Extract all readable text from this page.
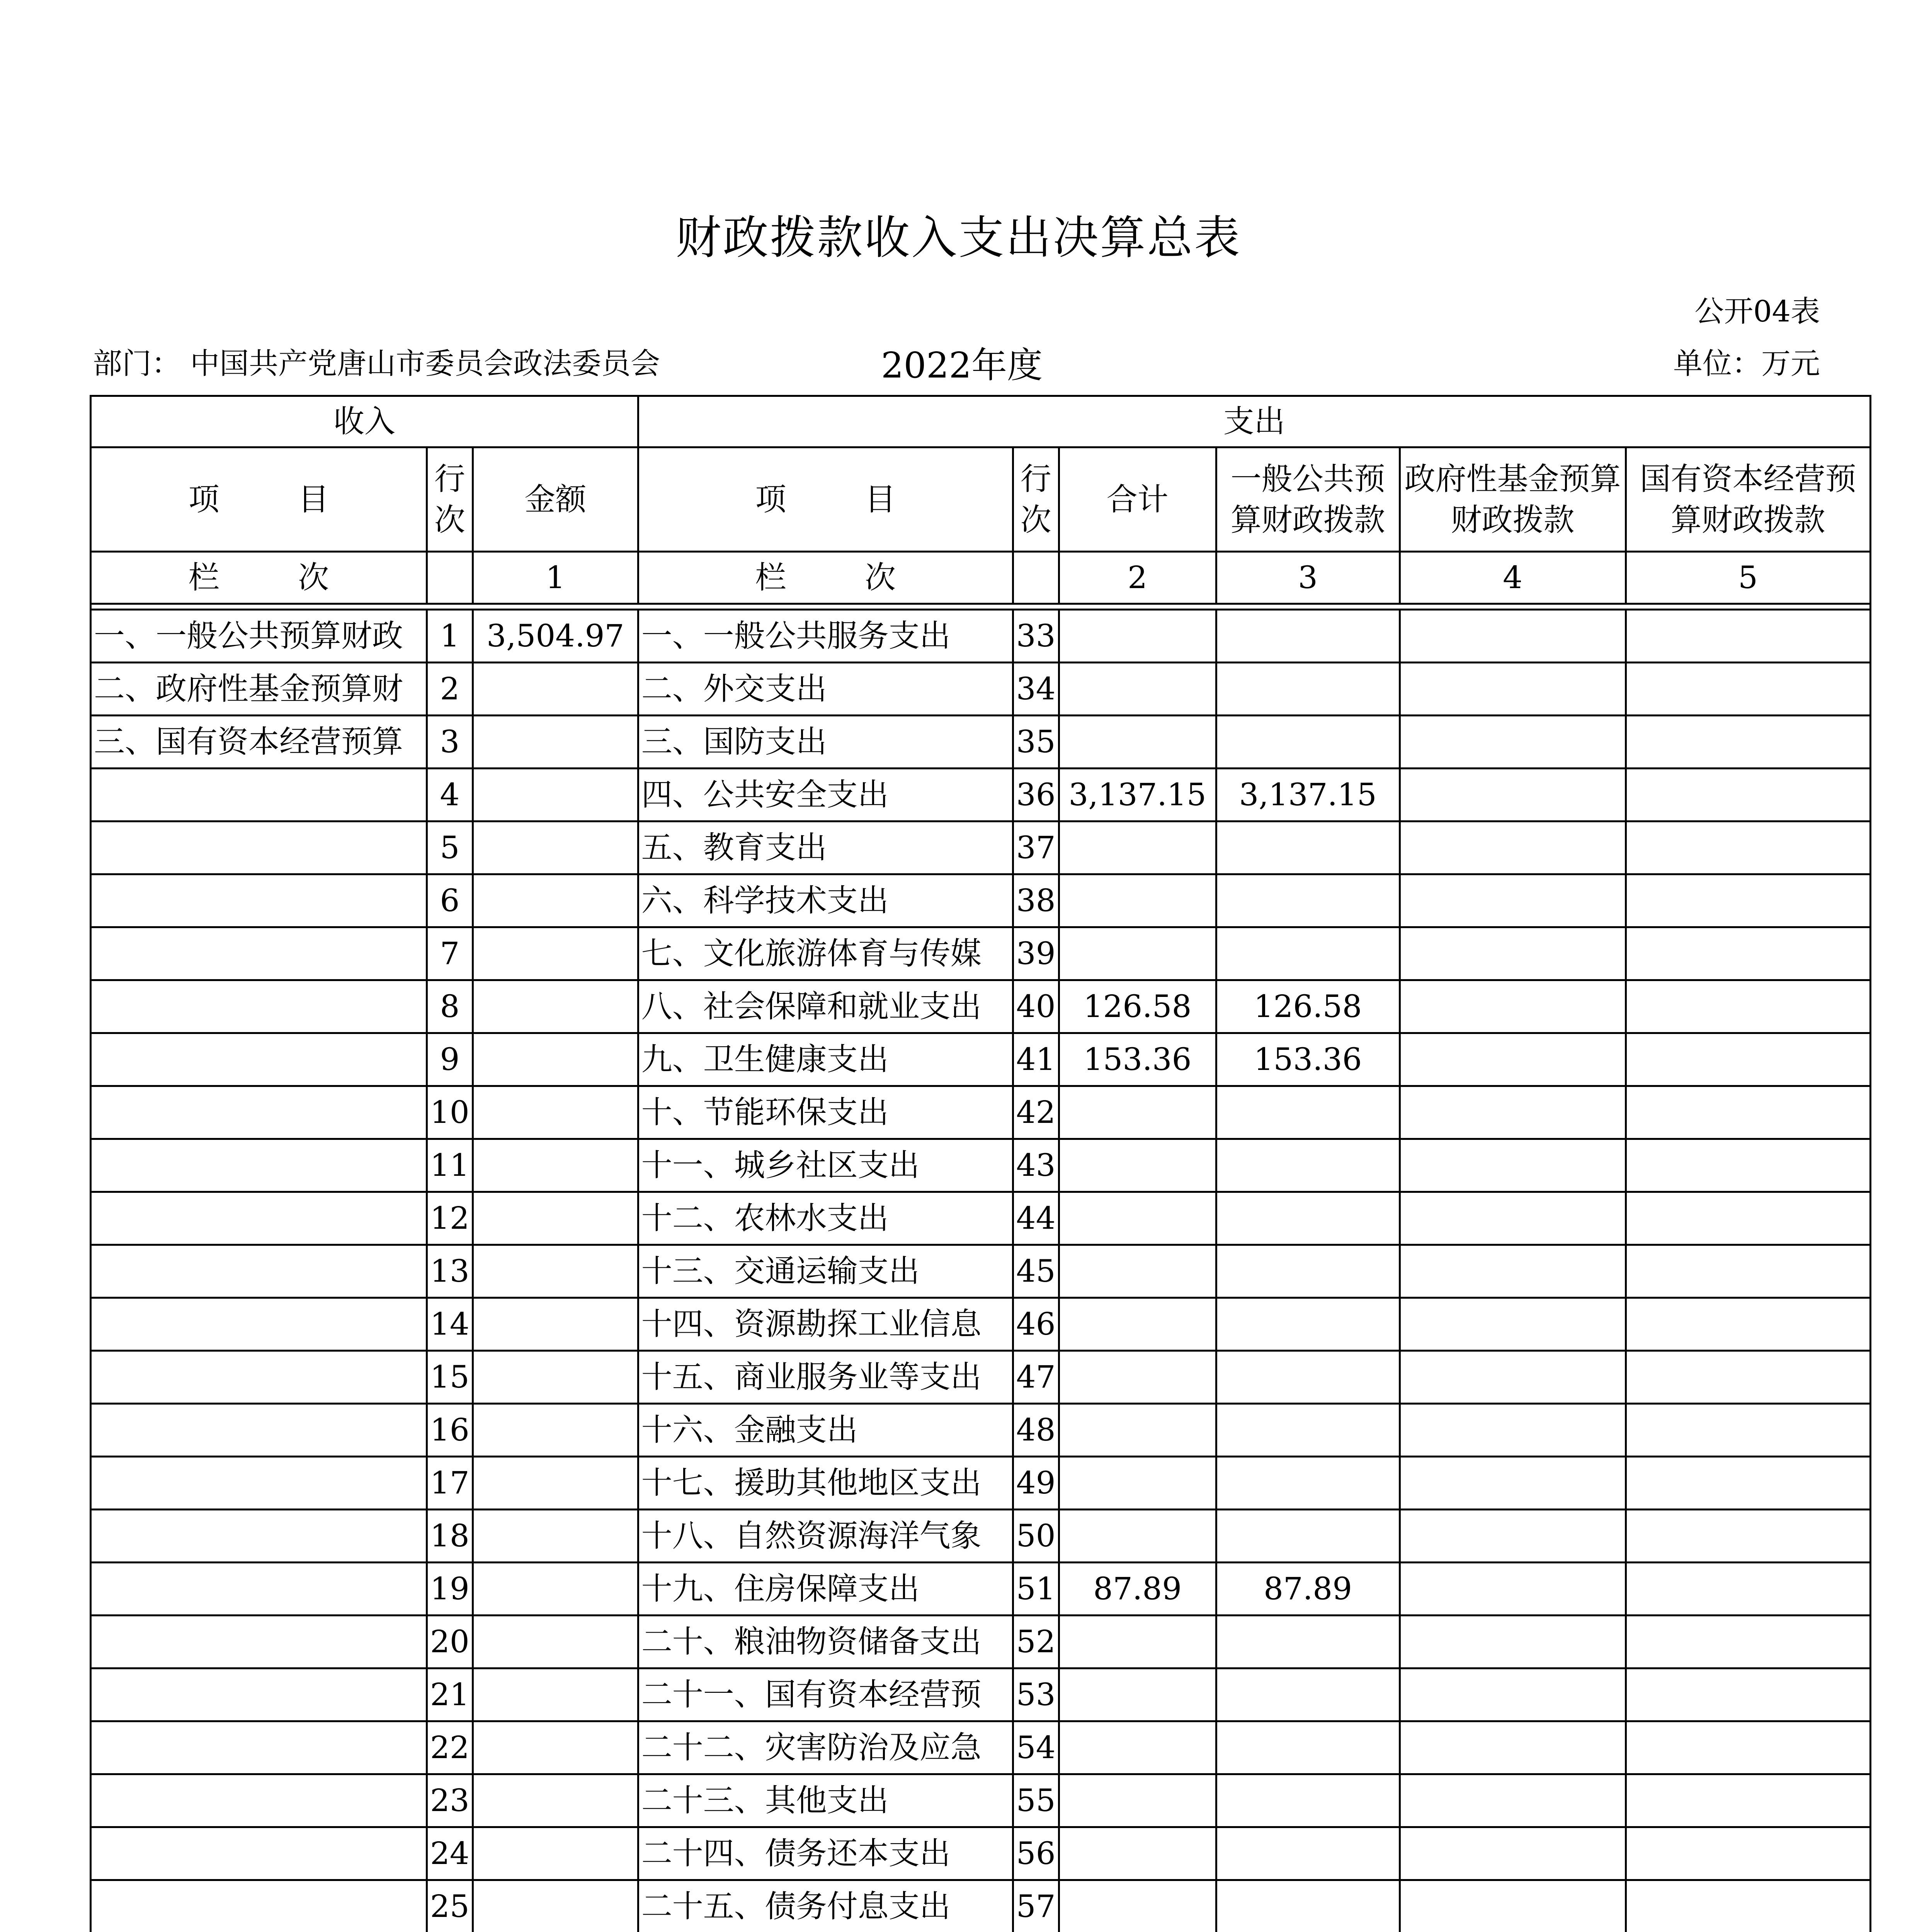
财政拨款收入支出决算总表
公开04表
部门： 中国共产党唐山市委员会政法委员会	2022年度	单位：万元
收入			支出					
项        目	行次	金额	项        目	行次	合计	一般公共预算财政拨款	政府性基金预算财政拨款	国有资本经营预算财政拨款
栏        次		1	栏        次		2	3	4	5

一、一般公共预算财政	1	3,504.97	一、一般公共服务支出	33				
二、政府性基金预算财	2		二、外交支出	34				
三、国有资本经营预算	3		三、国防支出	35				
	4		四、公共安全支出	36	3,137.15	3,137.15		
	5		五、教育支出	37				
	6		六、科学技术支出	38				
	7		七、文化旅游体育与传媒	39				
	8		八、社会保障和就业支出	40	126.58	126.58		
	9		九、卫生健康支出	41	153.36	153.36		
	10		十、节能环保支出	42				
	11		十一、城乡社区支出	43				
	12		十二、农林水支出	44				
	13		十三、交通运输支出	45				
	14		十四、资源勘探工业信息	46				
	15		十五、商业服务业等支出	47				
	16		十六、金融支出	48				
	17		十七、援助其他地区支出	49				
	18		十八、自然资源海洋气象	50				
	19		十九、住房保障支出	51	87.89	87.89		
	20		二十、粮油物资储备支出	52				
	21		二十一、国有资本经营预	53				
	22		二十二、灾害防治及应急	54				
	23		二十三、其他支出	55				
	24		二十四、债务还本支出	56				
	25		二十五、债务付息支出	57				
